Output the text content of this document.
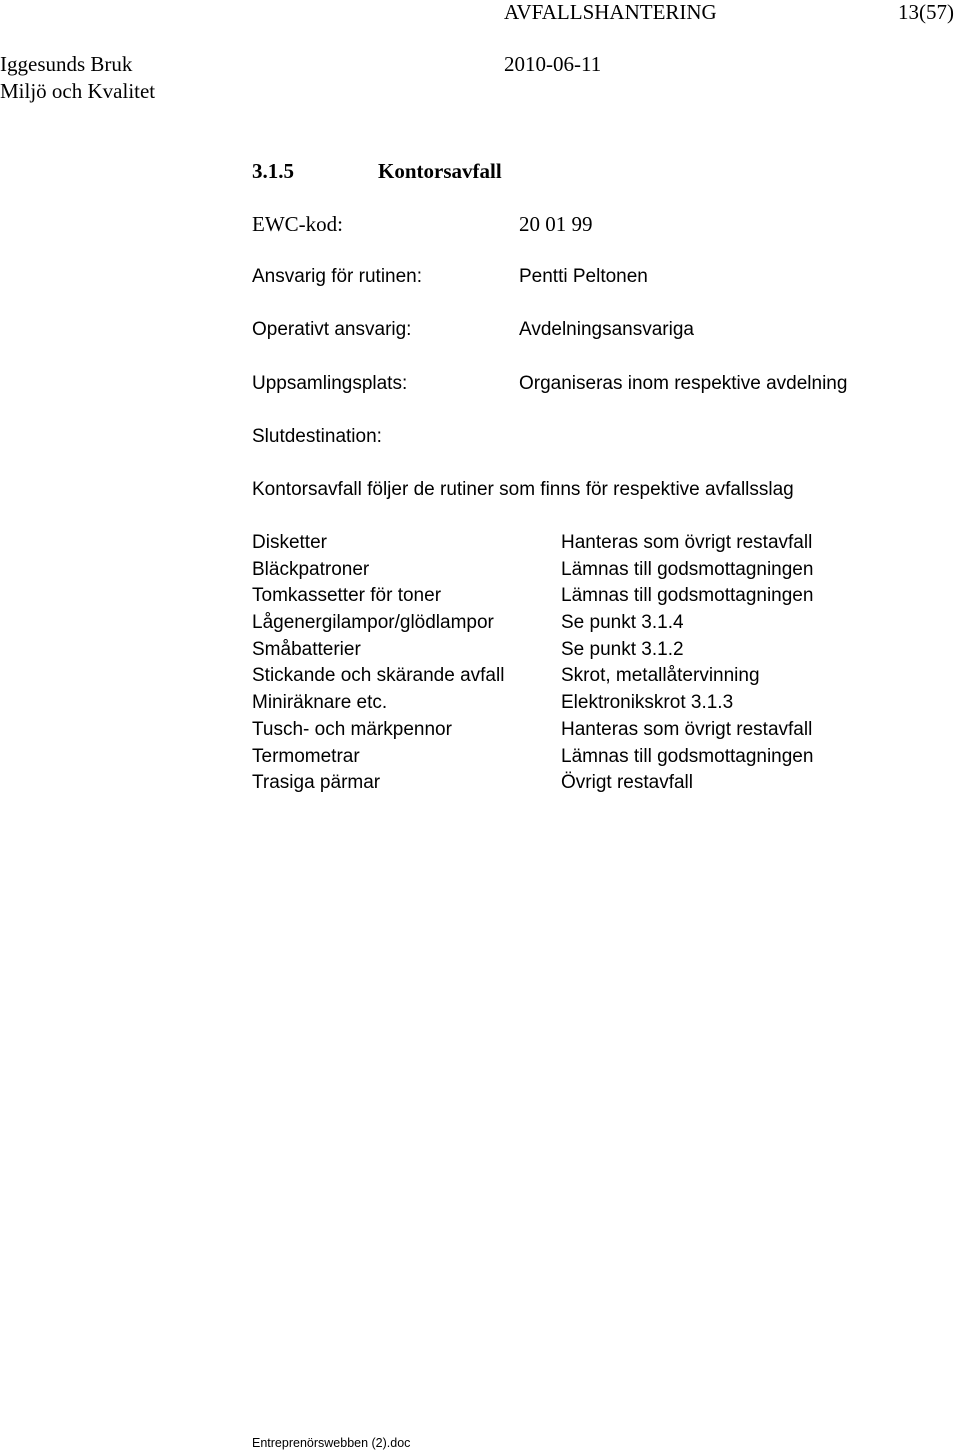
AVFALLSHANTERING	13(57)
Iggesunds Bruk	2010-06-11
Miljö och Kvalitet
3.1.5	Kontorsavfall
EWC-kod:	20 01 99
Ansvarig för rutinen:	Pentti Peltonen
Operativt ansvarig:	Avdelningsansvariga
Uppsamlingsplats:	Organiseras inom respektive avdelning
Slutdestination:
Kontorsavfall följer de rutiner som finns för respektive avfallsslag
Disketter	Hanteras som övrigt restavfall
Bläckpatroner	Lämnas till godsmottagningen
Tomkassetter för toner	Lämnas till godsmottagningen
Lågenergilampor/glödlampor	Se punkt 3.1.4
Småbatterier	Se punkt 3.1.2
Stickande och skärande avfall	Skrot, metallåtervinning
Miniräknare etc.	Elektronikskrot 3.1.3
Tusch- och märkpennor	Hanteras som övrigt restavfall
Termometrar	Lämnas till godsmottagningen
Trasiga pärmar	Övrigt restavfall
Entreprenörswebben (2).doc
